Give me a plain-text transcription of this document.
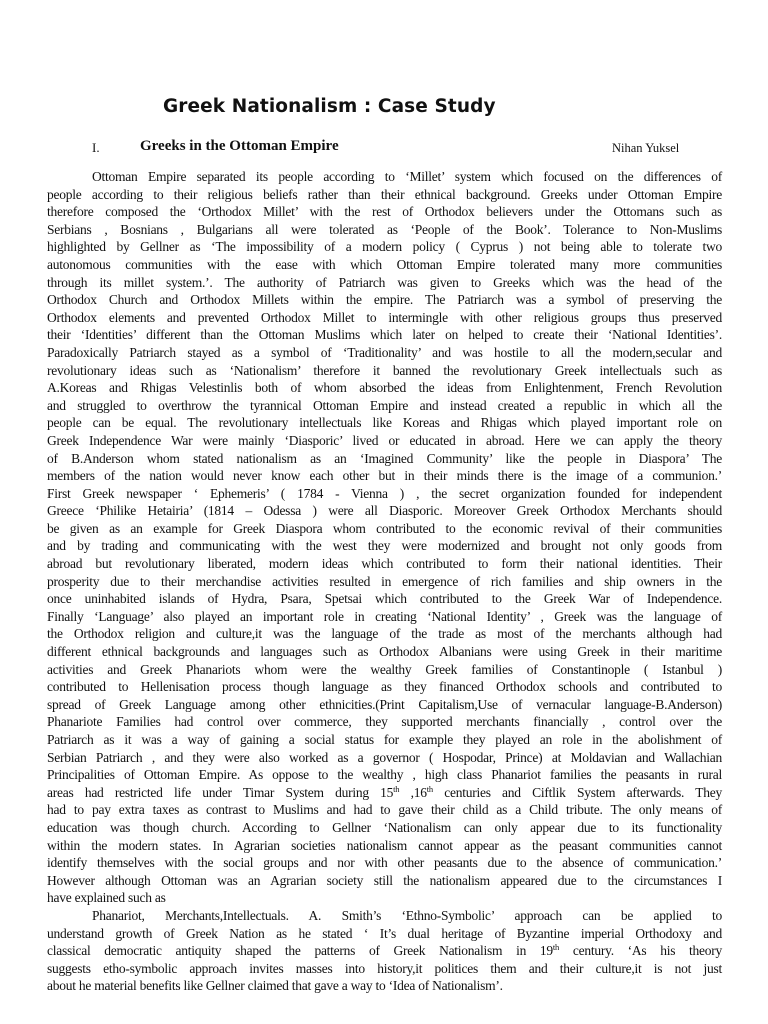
Greek Nationalism : Case Study
I.	Greeks in the Ottoman Empire	Nihan Yuksel
Ottoman Empire separated its people according to ‘Millet’ system which focused on the differences of
people according to their religious beliefs rather than their ethnical background. Greeks under Ottoman Empire
therefore composed the ‘Orthodox Millet’ with the rest of Orthodox believers under the Ottomans such as
Serbians , Bosnians , Bulgarians all were tolerated as ‘People of the Book’. Tolerance to Non-Muslims
highlighted by Gellner as ‘The impossibility of a modern policy ( Cyprus ) not being able to tolerate two
autonomous communities with the ease with which Ottoman Empire tolerated many more communities
through its millet system.’. The authority of Patriarch was given to Greeks which was the head of the
Orthodox Church and Orthodox Millets within the empire. The Patriarch was a symbol of preserving the
Orthodox elements and prevented Orthodox Millet to intermingle with other religious groups thus preserved
their ‘Identities’ different than the Ottoman Muslims which later on helped to create their ‘National Identities’.
Paradoxically Patriarch stayed as a symbol of ‘Traditionality’ and was hostile to all the modern,secular and
revolutionary ideas such as ‘Nationalism’ therefore it banned the revolutionary Greek intellectuals such as
A.Koreas and Rhigas Velestinlis both of whom absorbed the ideas from Enlightenment, French Revolution
and struggled to overthrow the tyrannical Ottoman Empire and instead created a republic in which all the
people can be equal. The revolutionary intellectuals like Koreas and Rhigas which played important role on
Greek Independence War were mainly ‘Diasporic’ lived or educated in abroad. Here we can apply the theory
of B.Anderson whom stated nationalism as an ‘Imagined Community’ like the people in Diaspora’ The
members of the nation would never know each other but in their minds there is the image of a communion.’
First Greek newspaper ‘ Ephemeris’ ( 1784 - Vienna ) , the secret organization founded for independent
Greece ‘Philike Hetairia’ (1814 – Odessa ) were all Diasporic. Moreover Greek Orthodox Merchants should
be given as an example for Greek Diaspora whom contributed to the economic revival of their communities
and by trading and communicating with the west they were modernized and brought not only goods from
abroad but revolutionary liberated, modern ideas which contributed to form their national identities. Their
prosperity due to their merchandise activities resulted in emergence of rich families and ship owners in the
once uninhabited islands of Hydra, Psara, Spetsai which contributed to the Greek War of Independence.
Finally ‘Language’ also played an important role in creating ‘National Identity’ , Greek was the language of
the Orthodox religion and culture,it was the language of the trade as most of the merchants although had
different ethnical backgrounds and languages such as Orthodox Albanians were using Greek in their maritime
activities and Greek Phanariots whom were the wealthy Greek families of Constantinople ( Istanbul )
contributed to Hellenisation process though language as they financed Orthodox schools and contributed to
spread of Greek Language among other ethnicities.(Print Capitalism,Use of vernacular language-B.Anderson)
Phanariote Families had control over commerce, they supported merchants financially , control over the
Patriarch as it was a way of gaining a social status for example they played an role in the abolishment of
Serbian Patriarch , and they were also worked as a governor ( Hospodar, Prince) at Moldavian and Wallachian
Principalities of Ottoman Empire. As oppose to the wealthy , high class Phanariot families the peasants in rural
areas had restricted life under Timar System during 15th ,16th centuries and Ciftlik System afterwards. They
had to pay extra taxes as contrast to Muslims and had to gave their child as a Child tribute. The only means of
education was though church. According to Gellner ‘Nationalism can only appear due to its functionality
within the modern states. In Agrarian societies nationalism cannot appear as the peasant communities cannot
identify themselves with the social groups and nor with other peasants due to the absence of communication.’
However although Ottoman was an Agrarian society still the nationalism appeared due to the circumstances I
have explained such as
Phanariot, Merchants,Intellectuals. A. Smith’s ‘Ethno-Symbolic’ approach can be applied to
understand growth of Greek Nation as he stated ‘ It’s dual heritage of Byzantine imperial Orthodoxy and
classical democratic antiquity shaped the patterns of Greek Nationalism in 19th century. ‘As his theory
suggests etho-symbolic approach invites masses into history,it politices them and their culture,it is not just
about he material benefits like Gellner claimed that gave a way to ‘Idea of Nationalism’.
